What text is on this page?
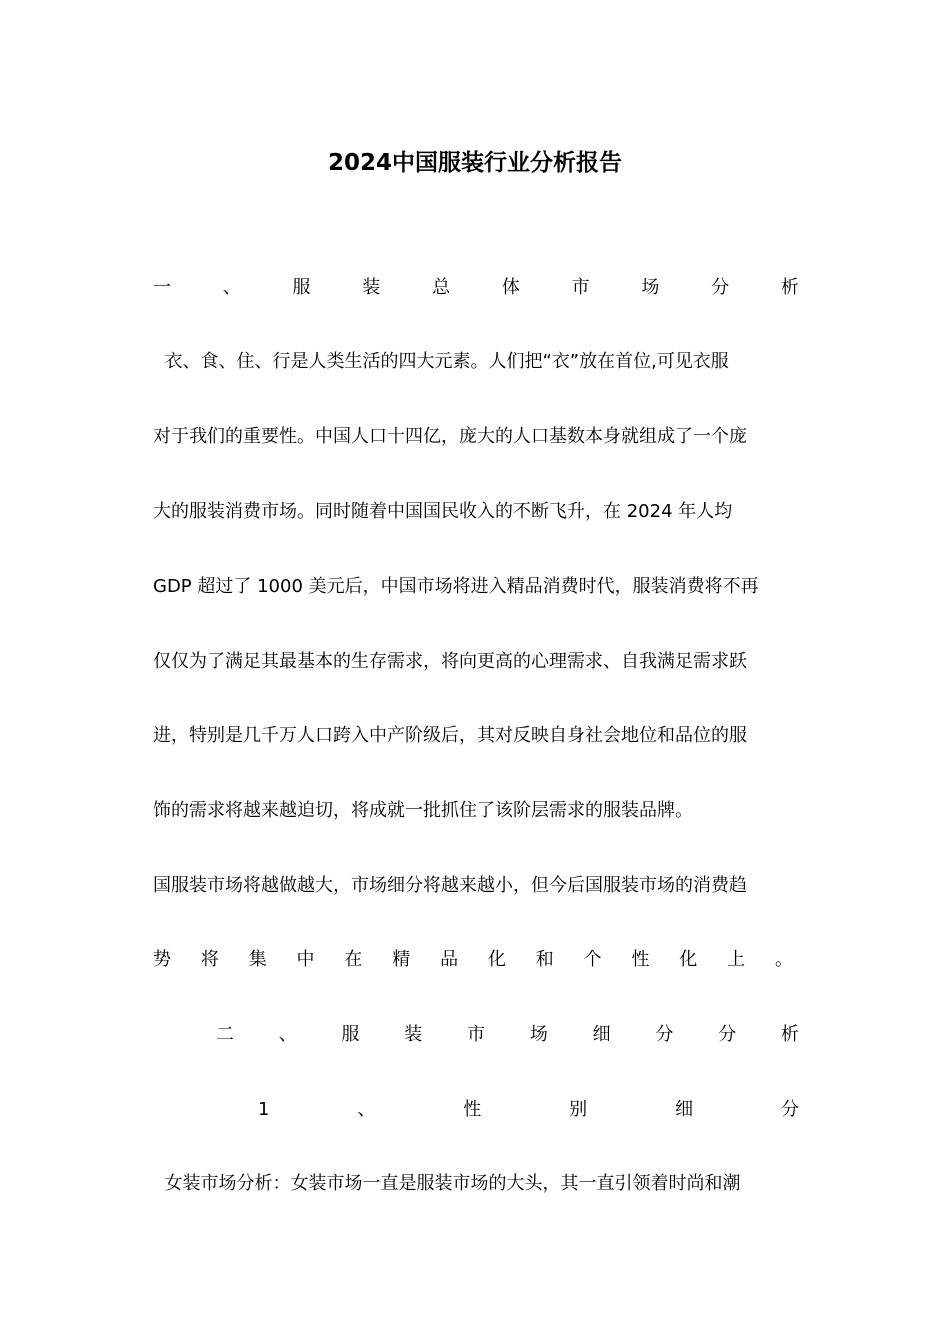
2024中国服装行业分析报告
一	、	服	装	总	体	市	场	分	析
衣、食、住、行是人类生活的四大元素。人们把“衣”放在首位,可见衣服
对于我们的重要性。中国人口十四亿，庞大的人口基数本身就组成了一个庞
大的服装消费市场。同时随着中国国民收入的不断飞升，在 2024 年人均
GDP 超过了 1000 美元后，中国市场将进入精品消费时代，服装消费将不再
仅仅为了满足其最基本的生存需求，将向更高的心理需求、自我满足需求跃
进，特别是几千万人口跨入中产阶级后，其对反映自身社会地位和品位的服
饰的需求将越来越迫切，将成就一批抓住了该阶层需求的服装品牌。
国服装市场将越做越大，市场细分将越来越小，但今后国服装市场的消费趋
势 将 集 中 在 精 品 化 和 个 性 化 上 。
二 、 服 装 市 场 细 分 分 析
1	、	性	别	细	分
女装市场分析：女装市场一直是服装市场的大头，其一直引领着时尚和潮
